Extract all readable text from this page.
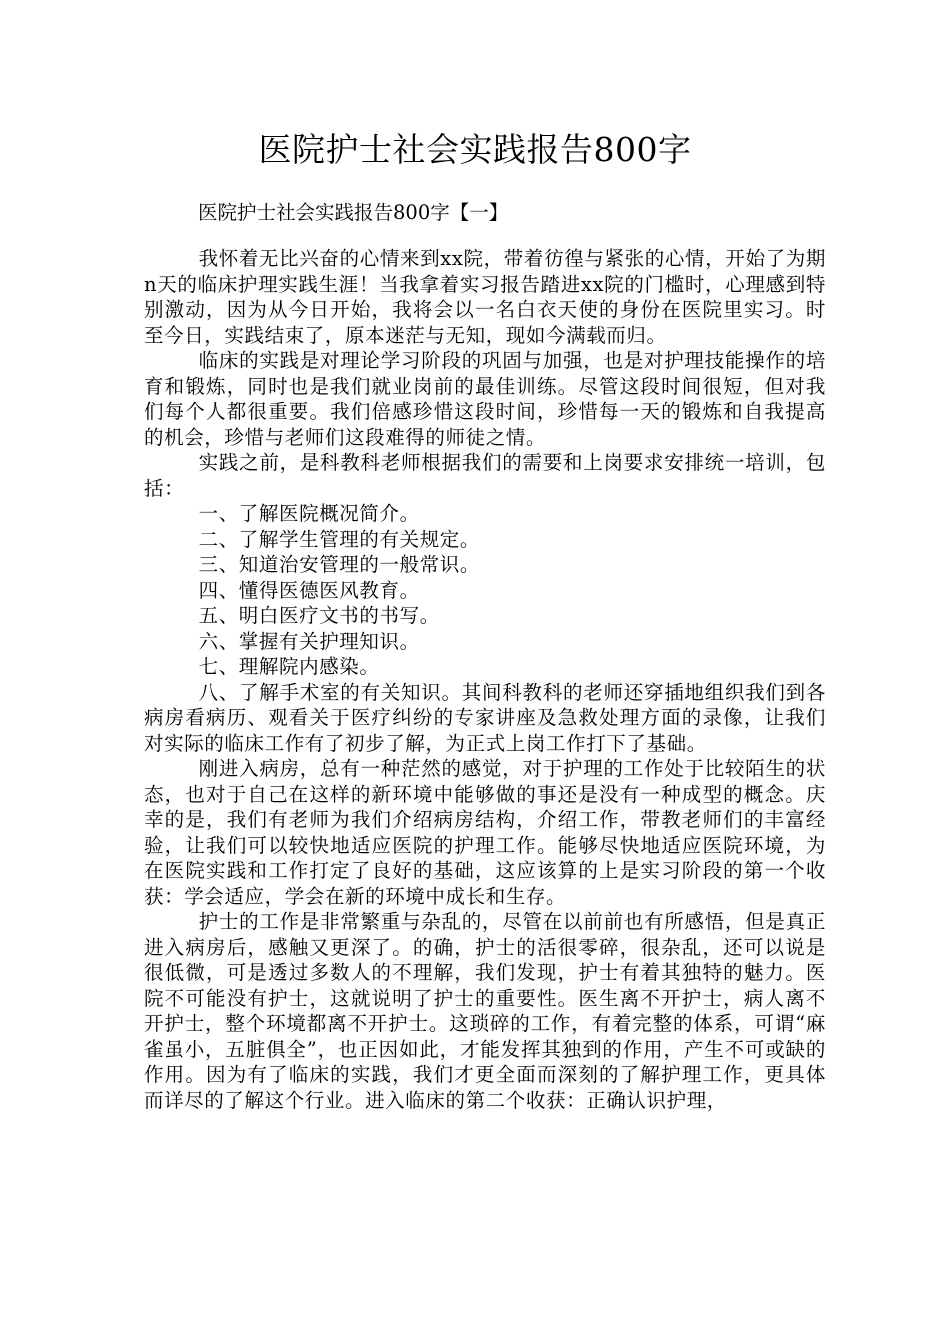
医院护士社会实践报告800字
医院护士社会实践报告800字【一】

我怀着无比兴奋的心情来到xx院，带着彷徨与紧张的心情，开始了为期n天的临床护理实践生涯！当我拿着实习报告踏进xx院的门槛时，心理感到特别激动，因为从今日开始，我将会以一名白衣天使的身份在医院里实习。时至今日，实践结束了，原本迷茫与无知，现如今满载而归。

临床的实践是对理论学习阶段的巩固与加强，也是对护理技能操作的培育和锻炼，同时也是我们就业岗前的最佳训练。尽管这段时间很短，但对我们每个人都很重要。我们倍感珍惜这段时间，珍惜每一天的锻炼和自我提高的机会，珍惜与老师们这段难得的师徒之情。

实践之前，是科教科老师根据我们的需要和上岗要求安排统一培训，包括：

一、了解医院概况简介。

二、了解学生管理的有关规定。

三、知道治安管理的一般常识。

四、懂得医德医风教育。

五、明白医疗文书的书写。

六、掌握有关护理知识。

七、理解院内感染。

八、了解手术室的有关知识。其间科教科的老师还穿插地组织我们到各病房看病历、观看关于医疗纠纷的专家讲座及急救处理方面的录像，让我们对实际的临床工作有了初步了解，为正式上岗工作打下了基础。

刚进入病房，总有一种茫然的感觉，对于护理的工作处于比较陌生的状态，也对于自己在这样的新环境中能够做的事还是没有一种成型的概念。庆幸的是，我们有老师为我们介绍病房结构，介绍工作，带教老师们的丰富经验，让我们可以较快地适应医院的护理工作。能够尽快地适应医院环境，为在医院实践和工作打定了良好的基础，这应该算的上是实习阶段的第一个收获：学会适应，学会在新的环境中成长和生存。

护士的工作是非常繁重与杂乱的，尽管在以前前也有所感悟，但是真正进入病房后，感触又更深了。的确，护士的活很零碎，很杂乱，还可以说是很低微，可是透过多数人的不理解，我们发现，护士有着其独特的魅力。医院不可能没有护士，这就说明了护士的重要性。医生离不开护士，病人离不开护士，整个环境都离不开护士。这琐碎的工作，有着完整的体系，可谓“麻雀虽小，五脏俱全”，也正因如此，才能发挥其独到的作用，产生不可或缺的作用。因为有了临床的实践，我们才更全面而深刻的了解护理工作，更具体而详尽的了解这个行业。进入临床的第二个收获：正确认识护理，
